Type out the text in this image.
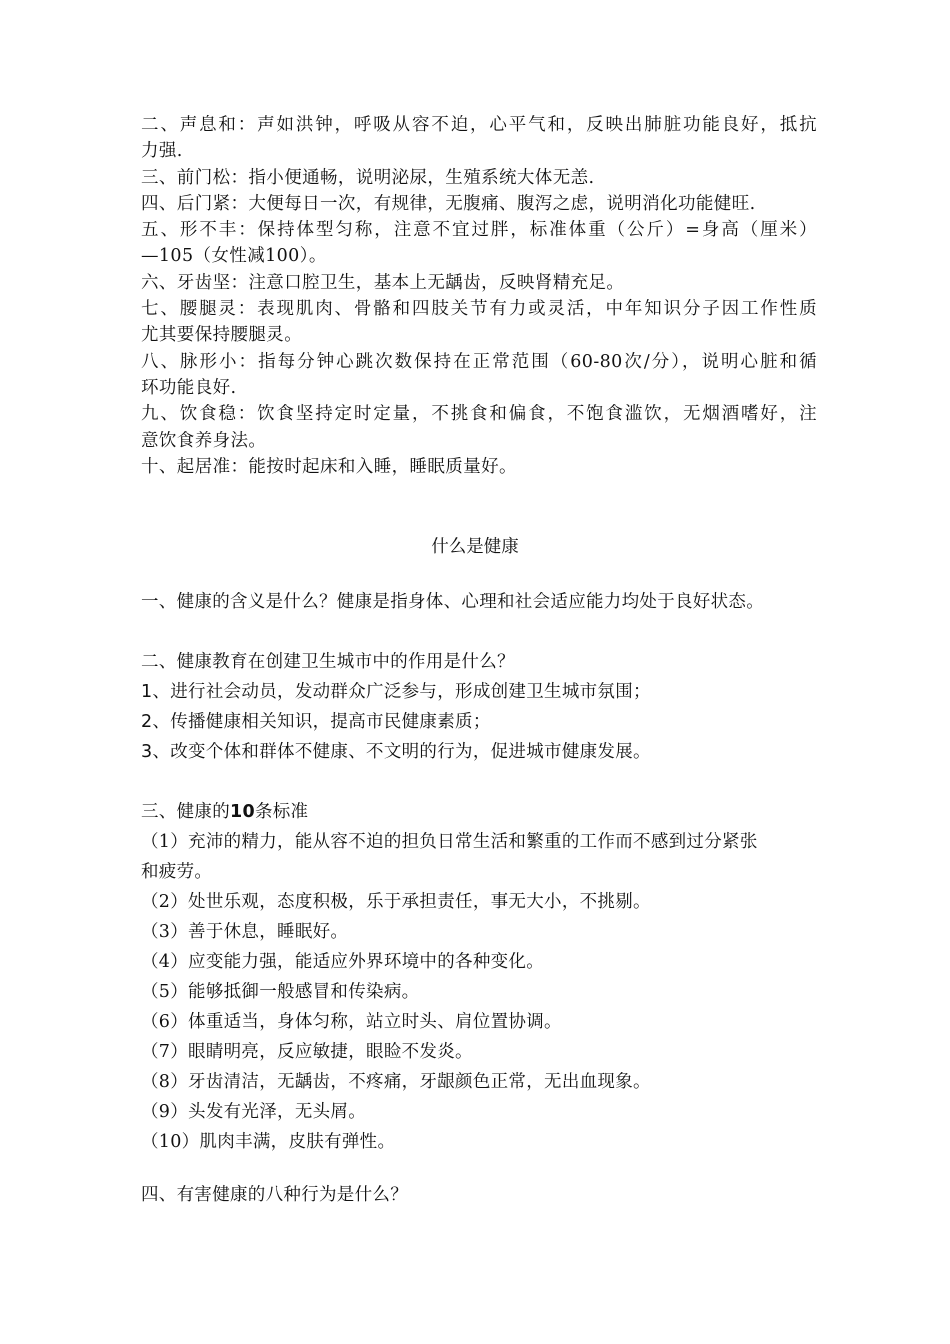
二、声息和：声如洪钟，呼吸从容不迫，心平气和，反映出肺脏功能良好，抵抗

力强.

三、前门松：指小便通畅，说明泌尿，生殖系统大体无恙.

四、后门紧：大便每日一次，有规律，无腹痛、腹泻之虑，说明消化功能健旺.

五、形不丰：保持体型匀称，注意不宜过胖，标准体重（公斤）=身高（厘米）

—105（女性减100）。

六、牙齿坚：注意口腔卫生，基本上无龋齿，反映肾精充足。

七、腰腿灵：表现肌肉、骨骼和四肢关节有力或灵活，中年知识分子因工作性质

尤其要保持腰腿灵。

八、脉形小：指每分钟心跳次数保持在正常范围（60-80次/分），说明心脏和循

环功能良好.

九、饮食稳：饮食坚持定时定量，不挑食和偏食，不饱食滥饮，无烟酒嗜好，注

意饮食养身法。

十、起居准：能按时起床和入睡，睡眠质量好。

什么是健康

一、健康的含义是什么？健康是指身体、心理和社会适应能力均处于良好状态。

二、健康教育在创建卫生城市中的作用是什么？

1、进行社会动员，发动群众广泛参与，形成创建卫生城市氛围；

2、传播健康相关知识，提高市民健康素质；

3、改变个体和群体不健康、不文明的行为，促进城市健康发展。

三、健康的10条标准

（1）充沛的精力，能从容不迫的担负日常生活和繁重的工作而不感到过分紧张

和疲劳。

（2）处世乐观，态度积极，乐于承担责任，事无大小，不挑剔。

（3）善于休息，睡眠好。

（4）应变能力强，能适应外界环境中的各种变化。

（5）能够抵御一般感冒和传染病。

（6）体重适当，身体匀称，站立时头、肩位置协调。

（7）眼睛明亮，反应敏捷，眼睑不发炎。

（8）牙齿清洁，无龋齿，不疼痛，牙龈颜色正常，无出血现象。

（9）头发有光泽，无头屑。

（10）肌肉丰满，皮肤有弹性。

四、有害健康的八种行为是什么？
